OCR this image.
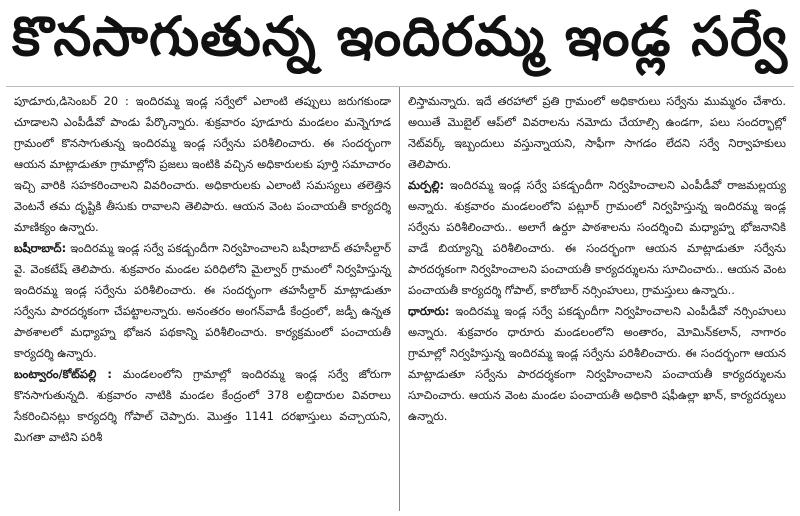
కొనసాగుతున్న ఇందిరమ్మ ఇండ్ల సర్వే

పూడూరు,డిసెంబర్ 20 : ఇందిరమ్మ ఇండ్ల సర్వేలో ఎలాంటి తప్పులు జరుగకుండా చూడాలని ఎంపీడీవో పాండు పేర్కొన్నారు. శుక్రవారం పూడూరు మండలం మన్నెగూడ గ్రామంలో కొనసాగుతున్న ఇందిరమ్మ ఇండ్ల సర్వేను పరిశీలించారు. ఈ సందర్భంగా ఆయన మాట్లాడుతూ గ్రామాల్లోని ప్రజలు ఇంటికి వచ్చిన అధికారులకు పూర్తి సమాచారం ఇచ్చి వారికి సహకరించాలని వివరించారు. అధికారులకు ఎలాంటి సమస్యలు తలెత్తిన వెంటనే తమ దృష్టికి తీసుకు రావాలని తెలిపారు. ఆయన వెంట పంచాయతీ కార్యదర్శి మాణిక్యం ఉన్నారు.

బషీరాబాద్: ఇందిరమ్మ ఇండ్ల సర్వే పకడ్బందీగా నిర్వహించాలని బషీరాబాద్ తహసీల్దార్ వై. వెంకటేష్ తెలిపారు. శుక్రవారం మండల పరిధిలోని మైల్వార్ గ్రామంలో నిర్వహిస్తున్న ఇందిరమ్మ ఇండ్ల సర్వేను పరిశీలించారు. ఈ సందర్భంగా తహసీల్దార్ మాట్లాడుతూ సర్వేను పారదర్శకంగా చేపట్టాలన్నారు. అనంతరం అంగన్‌వాడీ కేంద్రంలో, జడ్పీ ఉన్నత పాఠశాలలో మధ్యాహ్న భోజన పథకాన్ని పరిశీలించారు. కార్యక్రమంలో పంచాయతీ కార్యదర్శి ఉన్నారు.

బంట్వారం/కోట్‌పల్లి : మండలంలోని గ్రామాల్లో ఇందిరమ్మ ఇండ్ల సర్వే జోరుగా కొనసాగుతున్నది. శుక్రవారం నాటికి మండల కేంద్రంలో 378 లబ్దిదారుల వివరాలు సేకరించినట్లు కార్యదర్శి గోపాల్ చెప్పారు. మొత్తం 1141 దరఖాస్తులు వచ్చాయని, మిగతా వాటిని పరిశీ

లిస్తామన్నారు. ఇదే తరహాలో ప్రతి గ్రామంలో అధికారులు సర్వేను ముమ్మరం చేశారు. అయితే మొబైల్ ఆప్‌లో వివరాలను నమోదు చేయాల్సి ఉండగా, పలు సందర్భాల్లో నెట్‌వర్క్ ఇబ్బందులు వస్తున్నాయని, సాఫీగా సాగడం లేదని సర్వే నిర్వాహకులు తెలిపారు.

మర్పల్లి: ఇందిరమ్మ ఇండ్ల సర్వే పకడ్బందీగా నిర్వహించాలని ఎంపీడీవో రాజమల్లయ్య అన్నారు. శుక్రవారం మండలంలోని పట్లూర్ గ్రామంలో నిర్వహిస్తున్న ఇందిరమ్మ ఇండ్ల సర్వేను పరిశీలించారు.. అలాగే ఉర్దూ పాఠశాలను సందర్శించి మధ్యాహ్న భోజనానికి వాడే బియ్యాన్ని పరిశీలించారు. ఈ సందర్భంగా ఆయన మాట్లాడుతూ సర్వేను పారదర్శకంగా నిర్వహించాలని పంచాయతీ కార్యదర్శులను సూచించారు.. ఆయన వెంట పంచాయతీ కార్యదర్శి గోపాల్, కారోబార్ నర్సింహులు, గ్రామస్తులు ఉన్నారు..

ధారూరు: ఇందిరమ్మ ఇండ్ల సర్వే పకడ్బందీగా నిర్వహించాలని ఎంపీడీవో నర్సింహులు అన్నారు. శుక్రవారం ధారూరు మండలంలోని అంతారం, మోమిన్‌కలాన్, నాగారం గ్రామాల్లో నిర్వహిస్తున్న ఇందిరమ్మ ఇండ్ల సర్వేను పరిశీలించారు. ఈ సందర్భంగా ఆయన మాట్లాడుతూ సర్వేను పారదర్శకంగా నిర్వహించాలని పంచాయతీ కార్యదర్శులను సూచించారు. ఆయన వెంట మండల పంచాయతీ అధికారి షఫీఉల్లా ఖాన్, కార్యదర్శులు ఉన్నారు.
